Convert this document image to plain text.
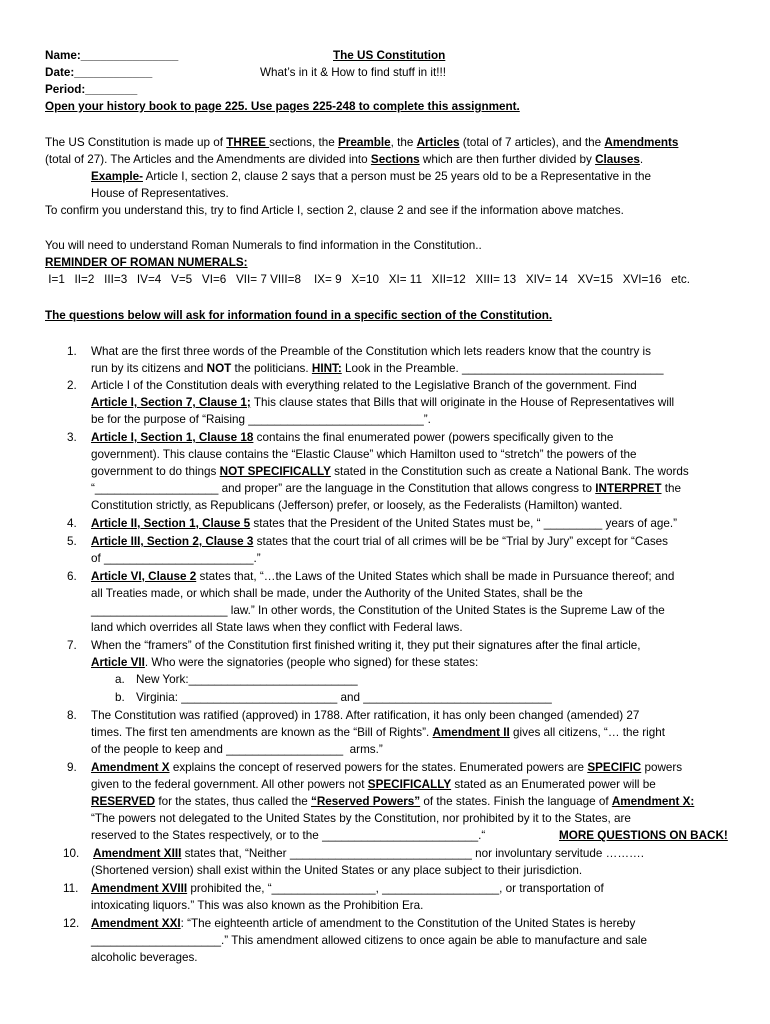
Name:_______________	The US Constitution
Date:____________	What’s in it & How to find stuff in it!!!
Period:________
Open your history book to page 225. Use pages 225-248 to complete this assignment.
The US Constitution is made up of THREE sections, the Preamble, the Articles (total of 7 articles), and the Amendments
(total of 27). The Articles and the Amendments are divided into Sections which are then further divided by Clauses.
Example- Article I, section 2, clause 2 says that a person must be 25 years old to be a Representative in the
House of Representatives.
To confirm you understand this, try to find Article I, section 2, clause 2 and see if the information above matches.
You will need to understand Roman Numerals to find information in the Constitution..
REMINDER OF ROMAN NUMERALS:
I=1   II=2   III=3   IV=4   V=5   VI=6   VII= 7 VIII=8    IX= 9   X=10   XI= 11   XII=12   XIII= 13   XIV= 14   XV=15   XVI=16   etc.
The questions below will ask for information found in a specific section of the Constitution.
1. What are the first three words of the Preamble of the Constitution which lets readers know that the country is
run by its citizens and NOT the politicians. HINT: Look in the Preamble. _______________________________
2. Article I of the Constitution deals with everything related to the Legislative Branch of the government. Find
Article I, Section 7, Clause 1; This clause states that Bills that will originate in the House of Representatives will
be for the purpose of “Raising ___________________________”.
3. Article I, Section 1, Clause 18 contains the final enumerated power (powers specifically given to the
government). This clause contains the “Elastic Clause” which Hamilton used to “stretch” the powers of the
government to do things NOT SPECIFICALLY stated in the Constitution such as create a National Bank. The words
“___________________ and proper” are the language in the Constitution that allows congress to INTERPRET the
Constitution strictly, as Republicans (Jefferson) prefer, or loosely, as the Federalists (Hamilton) wanted.
4. Article II, Section 1, Clause 5 states that the President of the United States must be, “ _________ years of age.”
5. Article III, Section 2, Clause 3 states that the court trial of all crimes will be be “Trial by Jury” except for “Cases
of _______________________.”
6. Article VI, Clause 2 states that, “…the Laws of the United States which shall be made in Pursuance thereof; and
all Treaties made, or which shall be made, under the Authority of the United States, shall be the
_____________________ law.” In other words, the Constitution of the United States is the Supreme Law of the
land which overrides all State laws when they conflict with Federal laws.
7. When the “framers” of the Constitution first finished writing it, they put their signatures after the final article,
Article VII. Who were the signatories (people who signed) for these states:
a. New York:__________________________
b. Virginia: ________________________ and _____________________________
8. The Constitution was ratified (approved) in 1788. After ratification, it has only been changed (amended) 27
times. The first ten amendments are known as the “Bill of Rights”. Amendment II gives all citizens, “… the right
of the people to keep and __________________  arms.”
9. Amendment X explains the concept of reserved powers for the states. Enumerated powers are SPECIFIC powers
given to the federal government. All other powers not SPECIFICALLY stated as an Enumerated power will be
RESERVED for the states, thus called the “Reserved Powers” of the states. Finish the language of Amendment X:
“The powers not delegated to the United States by the Constitution, nor prohibited by it to the States, are
reserved to the States respectively, or to the ________________________.“	MORE QUESTIONS ON BACK!
10. Amendment XIII states that, “Neither ____________________________ nor involuntary servitude ……….
(Shortened version) shall exist within the United States or any place subject to their jurisdiction.
11. Amendment XVIII prohibited the, “________________, __________________, or transportation of
intoxicating liquors.” This was also known as the Prohibition Era.
12. Amendment XXI: “The eighteenth article of amendment to the Constitution of the United States is hereby
____________________.” This amendment allowed citizens to once again be able to manufacture and sale
alcoholic beverages.
